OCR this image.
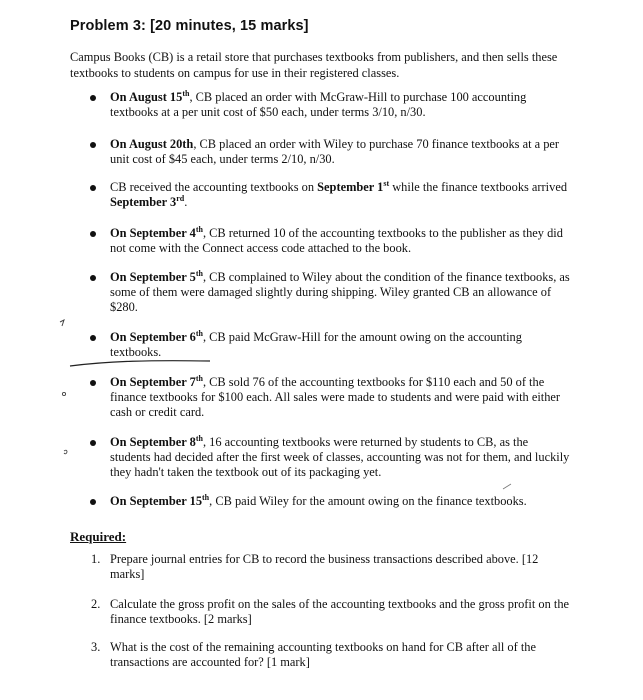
Problem 3: [20 minutes, 15 marks]
Campus Books (CB) is a retail store that purchases textbooks from publishers, and then sells these textbooks to students on campus for use in their registered classes.
On August 15th, CB placed an order with McGraw-Hill to purchase 100 accounting textbooks at a per unit cost of $50 each, under terms 3/10, n/30.
On August 20th, CB placed an order with Wiley to purchase 70 finance textbooks at a per unit cost of $45 each, under terms 2/10, n/30.
CB received the accounting textbooks on September 1st while the finance textbooks arrived September 3rd.
On September 4th, CB returned 10 of the accounting textbooks to the publisher as they did not come with the Connect access code attached to the book.
On September 5th, CB complained to Wiley about the condition of the finance textbooks, as some of them were damaged slightly during shipping. Wiley granted CB an allowance of $280.
On September 6th, CB paid McGraw-Hill for the amount owing on the accounting textbooks.
On September 7th, CB sold 76 of the accounting textbooks for $110 each and 50 of the finance textbooks for $100 each. All sales were made to students and were paid with either cash or credit card.
On September 8th, 16 accounting textbooks were returned by students to CB, as the students had decided after the first week of classes, accounting was not for them, and luckily they hadn't taken the textbook out of its packaging yet.
On September 15th, CB paid Wiley for the amount owing on the finance textbooks.
Required:
1. Prepare journal entries for CB to record the business transactions described above. [12 marks]
2. Calculate the gross profit on the sales of the accounting textbooks and the gross profit on the finance textbooks. [2 marks]
3. What is the cost of the remaining accounting textbooks on hand for CB after all of the transactions are accounted for? [1 mark]
